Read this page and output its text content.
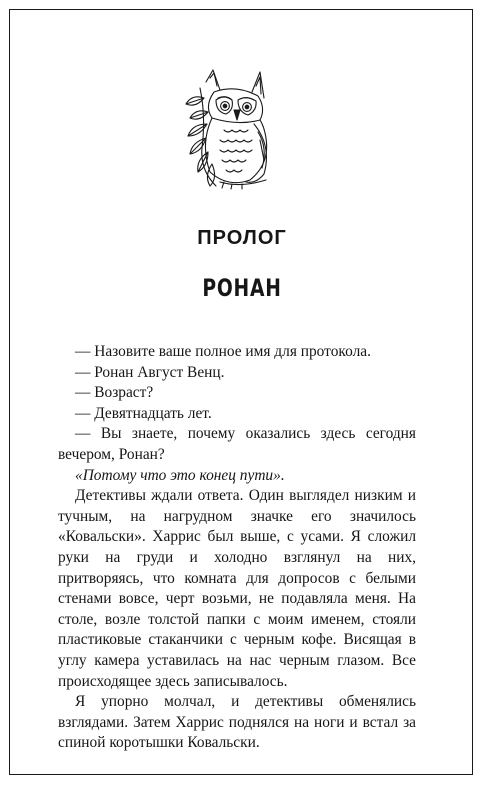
ПРОЛОГ
РОНАН

— Назовите ваше полное имя для протокола.

— Ронан Август Венц.

— Возраст?

— Девятнадцать лет.

— Вы знаете, почему оказались здесь сегодня вечером, Ронан?

«Потому что это конец пути».

Детективы ждали ответа. Один выглядел низким и тучным, на нагрудном значке его значилось «Ковальски». Харрис был выше, с усами. Я сложил руки на груди и холодно взглянул на них, притворяясь, что комната для допросов с белыми стенами вовсе, черт возьми, не подавляла меня. На столе, возле толстой папки с моим именем, стояли пластиковые стаканчики с черным кофе. Висящая в углу камера уставилась на нас черным глазом. Все происходящее здесь записывалось.

Я упорно молчал, и детективы обменялись взглядами. Затем Харрис поднялся на ноги и встал за спиной коротышки Ковальски.
